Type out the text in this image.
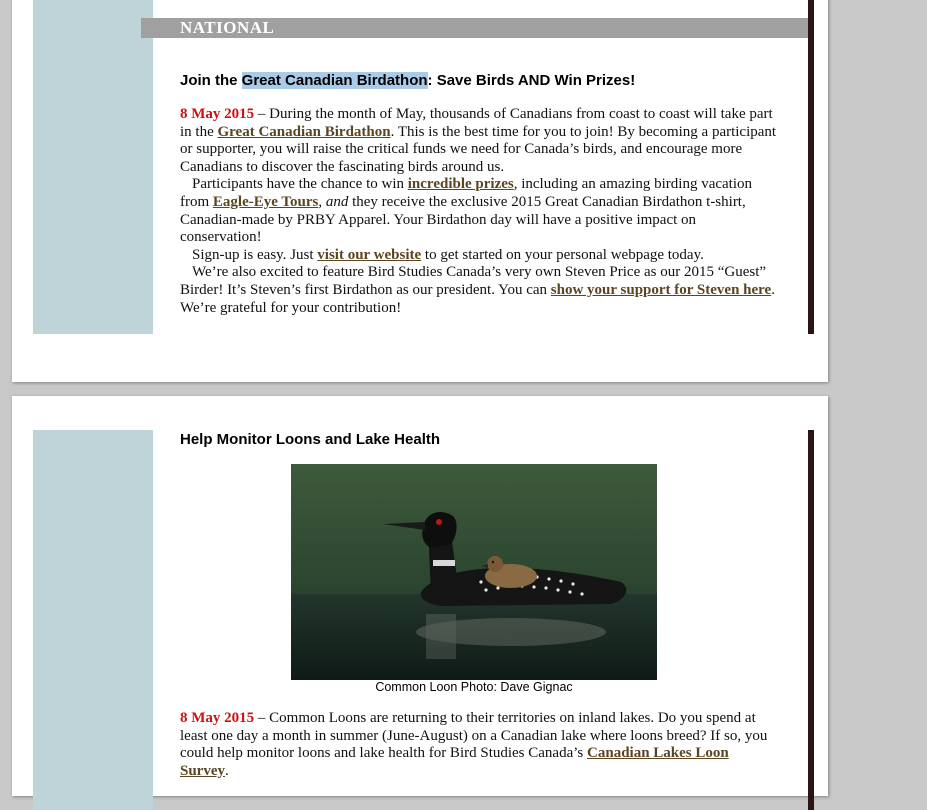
NATIONAL
Join the Great Canadian Birdathon: Save Birds AND Win Prizes!

8 May 2015 – During the month of May, thousands of Canadians from coast to coast will take part in the Great Canadian Birdathon. This is the best time for you to join! By becoming a participant or supporter, you will raise the critical funds we need for Canada’s birds, and encourage more Canadians to discover the fascinating birds around us.

Participants have the chance to win incredible prizes, including an amazing birding vacation from Eagle-Eye Tours, and they receive the exclusive 2015 Great Canadian Birdathon t-shirt, Canadian-made by PRBY Apparel. Your Birdathon day will have a positive impact on conservation!

Sign-up is easy. Just visit our website to get started on your personal webpage today.

We’re also excited to feature Bird Studies Canada’s very own Steven Price as our 2015 “Guest” Birder! It’s Steven’s first Birdathon as our president. You can show your support for Steven here. We’re grateful for your contribution!

Help Monitor Loons and Lake Health
Common Loon Photo: Dave Gignac

8 May 2015 – Common Loons are returning to their territories on inland lakes. Do you spend at least one day a month in summer (June-August) on a Canadian lake where loons breed? If so, you could help monitor loons and lake health for Bird Studies Canada’s Canadian Lakes Loon Survey.
